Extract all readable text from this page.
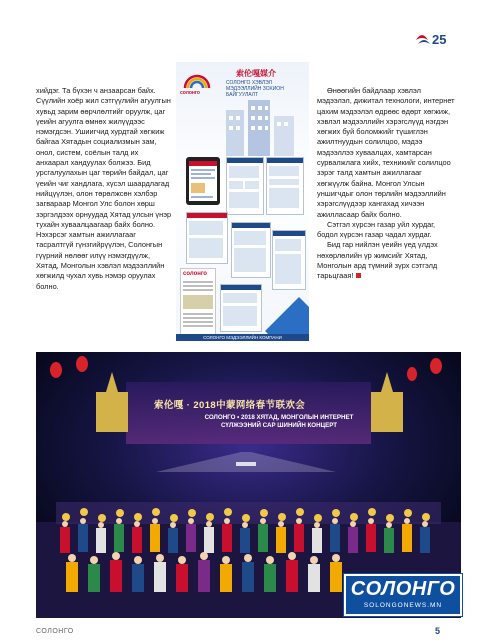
25

хийдэг. Та бүхэн ч анзаарсан байх. Сүүлийн хоёр жил сэтгүүлийн агуулгын хувьд зарим өөрчлөлтийг оруулж, цаг үеийн агуулга өмнөх жилүүдээс нэмэгдсэн. Ушиигчид хурдтай хөгжиж байгаа Хятадын социализмын зам, онол, систем, соёлын талд их анхаарал хандуулах болжээ. Бид урсгалуулахын цаг төрийн байдал, цаг үеийн чиг хандлага, хүсэл шаардлагад нийцүүлэн, олон төрөлжсөн хэлбэр загвараар Монгол Улс болон хөрш зэргэлдээх орнуудад Хятад улсын үнэр тухайн хуваалцаагаар байх болно. Нэхэрсэг хамтын ажиллагааг тасралтгүй гүнзгийрүүлэн, Солонгын гүүрний нөлөөг илүү нэмэгдүүлж, Хятад, Монголын хэвлэл мэдээллийн хөгжилд чухал хувь нэмэр оруулах болно.

солонго
索伦嘎媒介
СОЛОНГО ХЭВЛЭЛ МЭДЭЭЛЛИЙН ЗОХИОН БАЙГУУЛАЛТ
солонго
СОЛОНГО МЭДЭЭЛЛИЙН КОМПАНИ

Өнөөгийн байдлаар хэвлэл мэдээлэл, дижитал технологи, интернет цахим мэдээлэл өдрөөс өдөрт хөгжиж, хэвлэл мэдээллийн хэрэгслүүд нэгдэн хөгжих буй боломжийг түшиглэн ажилтнуудын солилцоо, мэдээ мэдээллээ хуваалцах, хамтарсан сурвалжлага хийх, техникийг солилцоо зэрэг талд хамтын ажиллагааг хөгжүүлж байна. Монгол Улсын уншигчдыг олон төрлийн мэдээллийн хэрэгслүүдээр хангахад хичээн ажилласаар байх болно.

Сэтгэл хүрсэн газар уйл хурдаг, бодол хүрсэн газар чадал хурдаг.

Бид гар нийлэн үеийн үед үлдэх нөхөрлөлийн үр жимсийг Хятад, Монголын ард түмний зүрх сэтгэлд тарьцгаая!

索伦嘎 · 2018中蒙网络春节联欢会
СОЛОНГО • 2018 ХЯТАД, МОНГОЛЫН ИНТЕРНЕТ СҮЛЖЭЭНИЙ САР ШИНИЙН КОНЦЕРТ
СОЛОНГО
SOLONGONEWS.MN
СОЛОНГО	5
